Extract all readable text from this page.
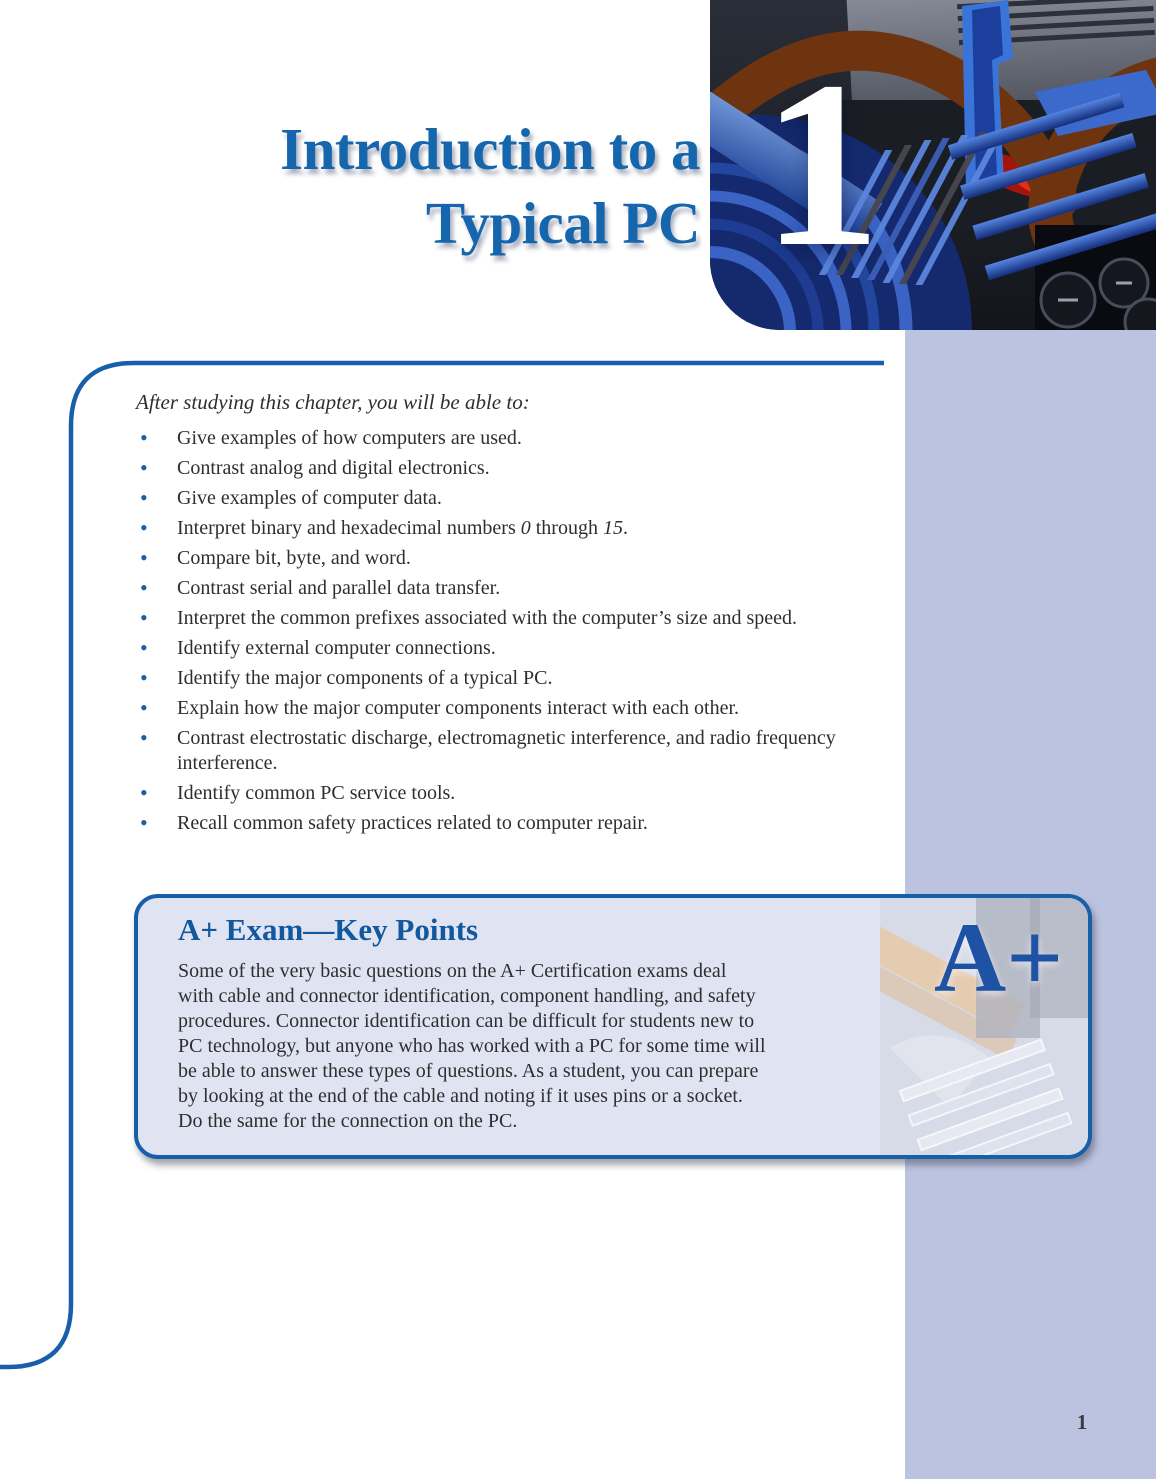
1
Introduction to a
Typical PC

After studying this chapter, you will be able to:

• Give examples of how computers are used.
• Contrast analog and digital electronics.
• Give examples of computer data.
• Interpret binary and hexadecimal numbers 0 through 15.
• Compare bit, byte, and word.
• Contrast serial and parallel data transfer.
• Interpret the common prefixes associated with the computer’s size and speed.
• Identify external computer connections.
• Identify the major components of a typical PC.
• Explain how the major computer components interact with each other.
• Contrast electrostatic discharge, electromagnetic interference, and radio frequency interference.
• Identify common PC service tools.
• Recall common safety practices related to computer repair.
A+ Exam—Key Points
Some of the very basic questions on the A+ Certification exams deal
with cable and connector identification, component handling, and safety
procedures. Connector identification can be difficult for students new to
PC technology, but anyone who has worked with a PC for some time will
be able to answer these types of questions. As a student, you can prepare
by looking at the end of the cable and noting if it uses pins or a socket.
Do the same for the connection on the PC.
A+
1
